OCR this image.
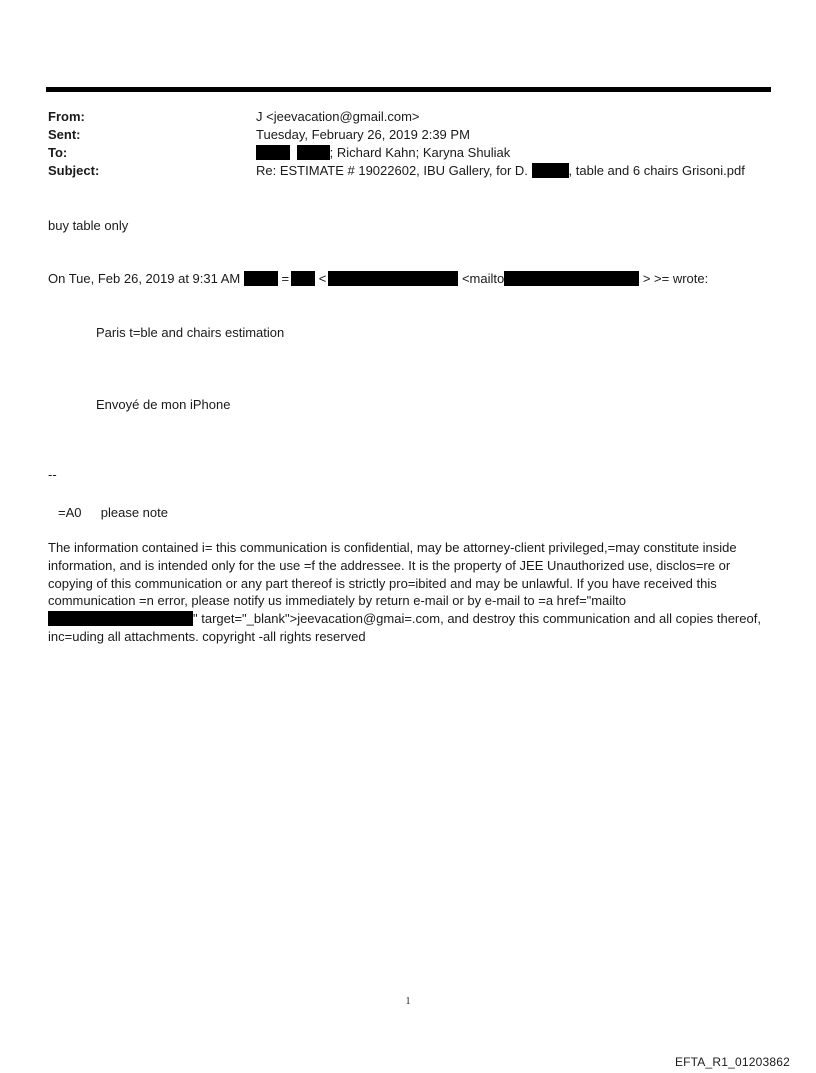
From:	J <jeevacation@gmail.com>
Sent:	Tuesday, February 26, 2019 2:39 PM
To:	; Richard Kahn; Karyna Shuliak
Subject:	Re: ESTIMATE # 19022602, IBU Gallery, for D.	, table and 6 chairs Grisoni.pdf
buy table only
On Tue, Feb 26, 2019 at 9:31 AM	= <	<mailto	> >= wrote:
Paris t=ble and chairs estimation
Envoyé de mon iPhone
--
=A0 please note
The information contained i= this communication is confidential, may be attorney-client privileged,=may constitute inside information, and is intended only for the use =f the addressee. It is the property of JEE Unauthorized use, disclos=re or copying of this communication or any part thereof is strictly pro=ibited and may be unlawful. If you have received this communication =n error, please notify us immediately by return e-mail or by e-mail to =a href="mailto" target="_blank">jeevacation@gmai=.com, and destroy this communication and all copies thereof, inc=uding all attachments. copyright -all rights reserved
1
EFTA_R1_01203862
